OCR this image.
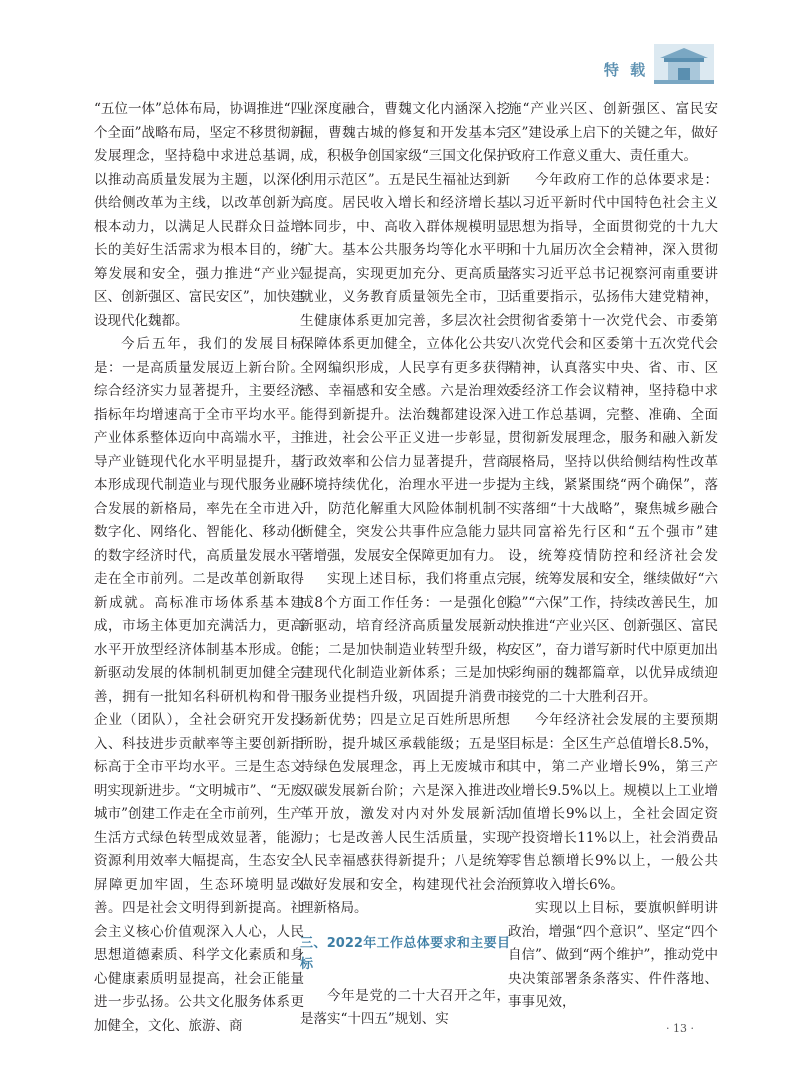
特 载

“五位一体”总体布局，协调推进“四个全面”战略布局，坚定不移贯彻新发展理念，坚持稳中求进总基调，以推动高质量发展为主题，以深化供给侧改革为主线，以改革创新为根本动力，以满足人民群众日益增长的美好生活需求为根本目的，统筹发展和安全，强力推进“产业兴区、创新强区、富民安区”，加快建设现代化魏都。

今后五年，我们的发展目标是：一是高质量发展迈上新台阶。综合经济实力显著提升，主要经济指标年均增速高于全市平均水平。产业体系整体迈向中高端水平，主导产业链现代化水平明显提升，基本形成现代制造业与现代服务业融合发展的新格局，率先在全市进入数字化、网络化、智能化、移动化的数字经济时代，高质量发展水平走在全市前列。二是改革创新取得新成就。高标准市场体系基本建成，市场主体更加充满活力，更高水平开放型经济体制基本形成。创新驱动发展的体制机制更加健全完善，拥有一批知名科研机构和骨干企业（团队），全社会研究开发投入、科技进步贡献率等主要创新指标高于全市平均水平。三是生态文明实现新进步。“文明城市”、“无废城市”创建工作走在全市前列，生产生活方式绿色转型成效显著，能源资源利用效率大幅提高，生态安全屏障更加牢固，生态环境明显改善。四是社会文明得到新提高。社会主义核心价值观深入人心，人民思想道德素质、科学文化素质和身心健康素质明显提高，社会正能量进一步弘扬。公共文化服务体系更加健全，文化、旅游、商

业深度融合，曹魏文化内涵深入挖掘，曹魏古城的修复和开发基本完成，积极争创国家级“三国文化保护利用示范区”。五是民生福祉达到新高度。居民收入增长和经济增长基本同步，中、高收入群体规模明显扩大。基本公共服务均等化水平明显提高，实现更加充分、更高质量就业，义务教育质量领先全市，卫生健康体系更加完善，多层次社会保障体系更加健全，立体化公共安全网编织形成，人民享有更多获得感、幸福感和安全感。六是治理效能得到新提升。法治魏都建设深入推进，社会公平正义进一步彰显，行政效率和公信力显著提升，营商环境持续优化，治理水平进一步提升，防范化解重大风险体制机制不断健全，突发公共事件应急能力显著增强，发展安全保障更加有力。

实现上述目标，我们将重点完成8个方面工作任务：一是强化创新驱动，培育经济高质量发展新动能；二是加快制造业转型升级，构建现代化制造业新体系；三是加快服务业提档升级，巩固提升消费市场新优势；四是立足百姓所思所想所盼，提升城区承载能级；五是坚持绿色发展理念，再上无废城市和双碳发展新台阶；六是深入推进改革开放，激发对内对外发展新活力；七是改善人民生活质量，实现人民幸福感获得新提升；八是统筹做好发展和安全，构建现代社会治理新格局。

三、2022年工作总体要求和主要目标

今年是党的二十大召开之年，是落实“十四五”规划、实

施“产业兴区、创新强区、富民安区”建设承上启下的关键之年，做好政府工作意义重大、责任重大。

今年政府工作的总体要求是：以习近平新时代中国特色社会主义思想为指导，全面贯彻党的十九大和十九届历次全会精神，深入贯彻落实习近平总书记视察河南重要讲话重要指示，弘扬伟大建党精神，贯彻省委第十一次党代会、市委第八次党代会和区委第十五次党代会精神，认真落实中央、省、市、区委经济工作会议精神，坚持稳中求进工作总基调，完整、准确、全面贯彻新发展理念，服务和融入新发展格局，坚持以供给侧结构性改革为主线，紧紧围绕“两个确保”，落实落细“十大战略”，聚焦城乡融合共同富裕先行区和“五个强市”建设，统筹疫情防控和经济社会发展，统筹发展和安全，继续做好“六稳”“六保”工作，持续改善民生，加快推进“产业兴区、创新强区、富民安区”，奋力谱写新时代中原更加出彩绚丽的魏都篇章，以优异成绩迎接党的二十大胜利召开。

今年经济社会发展的主要预期目标是：全区生产总值增长8.5%，其中，第二产业增长9%，第三产业增长9.5%以上。规模以上工业增加值增长9%以上，全社会固定资产投资增长11%以上，社会消费品零售总额增长9%以上，一般公共预算收入增长6%。

实现以上目标，要旗帜鲜明讲政治，增强“四个意识”、坚定“四个自信”、做到“两个维护”，推动党中央决策部署条条落实、件件落地、事事见效，

· 13 ·
